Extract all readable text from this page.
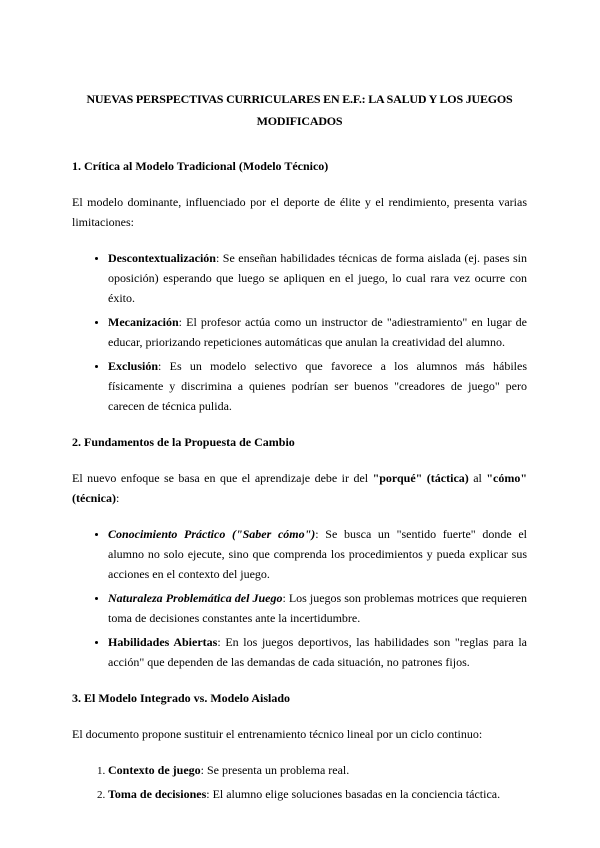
NUEVAS PERSPECTIVAS CURRICULARES EN E.F.: LA SALUD Y LOS JUEGOS MODIFICADOS
1. Crítica al Modelo Tradicional (Modelo Técnico)

El modelo dominante, influenciado por el deporte de élite y el rendimiento, presenta varias limitaciones:

• Descontextualización: Se enseñan habilidades técnicas de forma aislada (ej. pases sin oposición) esperando que luego se apliquen en el juego, lo cual rara vez ocurre con éxito.
• Mecanización: El profesor actúa como un instructor de "adiestramiento" en lugar de educar, priorizando repeticiones automáticas que anulan la creatividad del alumno.
• Exclusión: Es un modelo selectivo que favorece a los alumnos más hábiles físicamente y discrimina a quienes podrían ser buenos "creadores de juego" pero carecen de técnica pulida.
2. Fundamentos de la Propuesta de Cambio

El nuevo enfoque se basa en que el aprendizaje debe ir del "porqué" (táctica) al "cómo" (técnica):

• Conocimiento Práctico ("Saber cómo"): Se busca un "sentido fuerte" donde el alumno no solo ejecute, sino que comprenda los procedimientos y pueda explicar sus acciones en el contexto del juego.
• Naturaleza Problemática del Juego: Los juegos son problemas motrices que requieren toma de decisiones constantes ante la incertidumbre.
• Habilidades Abiertas: En los juegos deportivos, las habilidades son "reglas para la acción" que dependen de las demandas de cada situación, no patrones fijos.
3. El Modelo Integrado vs. Modelo Aislado

El documento propone sustituir el entrenamiento técnico lineal por un ciclo continuo:

1. Contexto de juego: Se presenta un problema real.
2. Toma de decisiones: El alumno elige soluciones basadas en la conciencia táctica.
